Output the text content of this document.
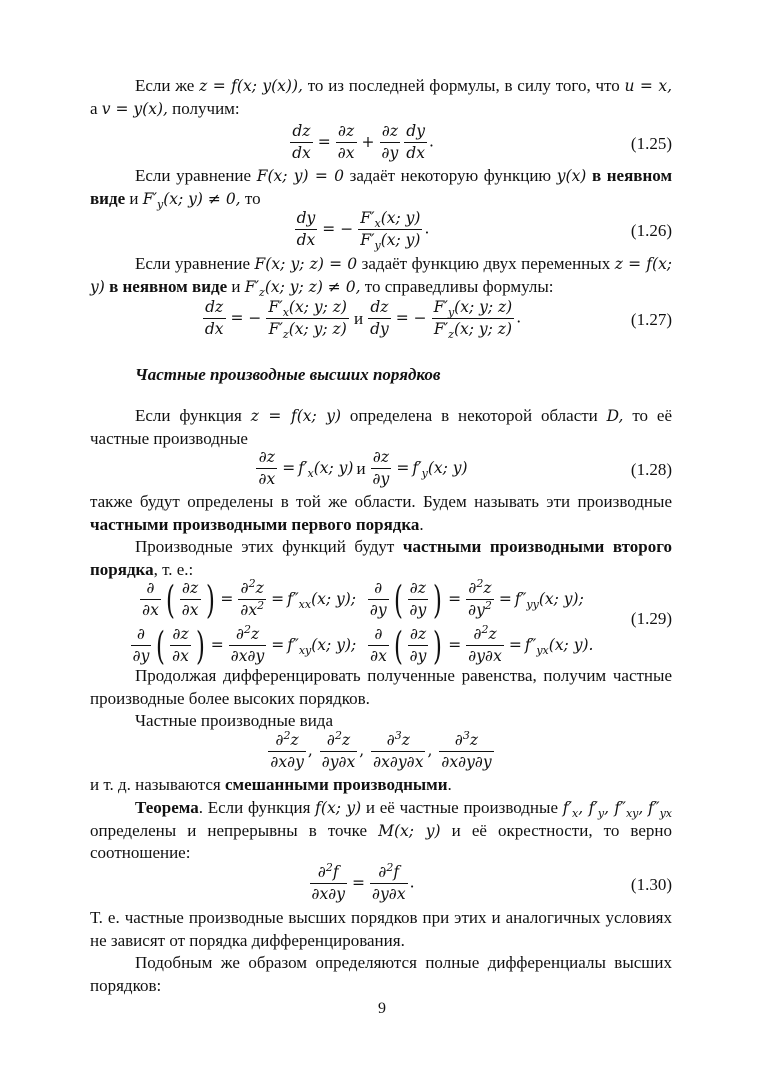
Если же z = f(x; y(x)), то из последней формулы, в силу того, что u = x, а v = y(x), получим:

$\frac{dz}{dx} = \frac{\partial z}{\partial x} + \frac{\partial z}{\partial y} \frac{dy}{dx}$ .	(1.25)

Если уравнение F(x; y) = 0 задаёт некоторую функцию y(x) в неявном виде и $F'_y(x$; y) ≠ 0, то

$\frac{dy}{dx}$ = − $\frac{F'_x(x; y)}{F'_y(x; y)}$ .	(1.26)

Если уравнение F(x; y; z) = 0 задаёт функцию двух переменных z = f(x; y) в неявном виде и $F'_z(x$; y; z) ≠ 0, то справедливы формулы:

$\frac{dz}{dx}$ = − $\frac{F'_x(x; y; z)}{F'_z(x; y; z)}$ и $\frac{dz}{dy}$ = − $\frac{F'_y(x; y; z)}{F'_z(x; y; z)}$ .	(1.27)
Частные производные высших порядков

Если функция z = f(x; y) определена в некоторой области D, то её частные производные

$\frac{\partial z}{\partial x} = f'_x(x$; y) и $\frac{\partial z}{\partial y} = f'_y(x$; y)	(1.28)

также будут определены в той же области. Будем называть эти производные частными производными первого порядка.

Производные этих функций будут частными производными второго порядка, т. е.:

$\frac{\partial}{\partial x}$ ( $\frac{\partial z}{\partial x}$ ) = $\frac{\partial^2z}{\partial x^2} = f''_{xx}(x$; y); $\frac{\partial}{\partial y}$ ( $\frac{\partial z}{\partial y}$ ) = $\frac{\partial^2z}{\partial y^2} = f''_{yy}(x$; y);
$\frac{\partial}{\partial y}$ ( $\frac{\partial z}{\partial x}$ ) = $\frac{\partial^2z}{\partial x\partial y} = f''_{xy}(x$; y); $\frac{\partial}{\partial x}$ ( $\frac{\partial z}{\partial y}$ ) = $\frac{\partial^2z}{\partial y\partial x} = f''_{yx}(x$; y).
(1.29)

Продолжая дифференцировать полученные равенства, получим частные производные более высоких порядков.

Частные производные вида

$\frac{\partial^2z}{\partial x\partial y}$ , $\frac{\partial^2z}{\partial y\partial x}$ , $\frac{\partial^3z}{\partial x\partial y\partial x}$ , $\frac{\partial^3z}{\partial x\partial y\partial y}$

и т. д. называются смешанными производными.

Теорема. Если функция f(x; y) и её частные производные $f'_x$, $f'_y$, $f''_{xy}$, $f''_{yx}$ определены и непрерывны в точке M(x; y) и её окрестности, то верно соотношение:

$\frac{\partial^2f}{\partial x\partial y} = \frac{\partial^2f}{\partial y\partial x}$ .	(1.30)

Т. е. частные производные высших порядков при этих и аналогичных условиях не зависят от порядка дифференцирования.

Подобным же образом определяются полные дифференциалы высших порядков:

9
